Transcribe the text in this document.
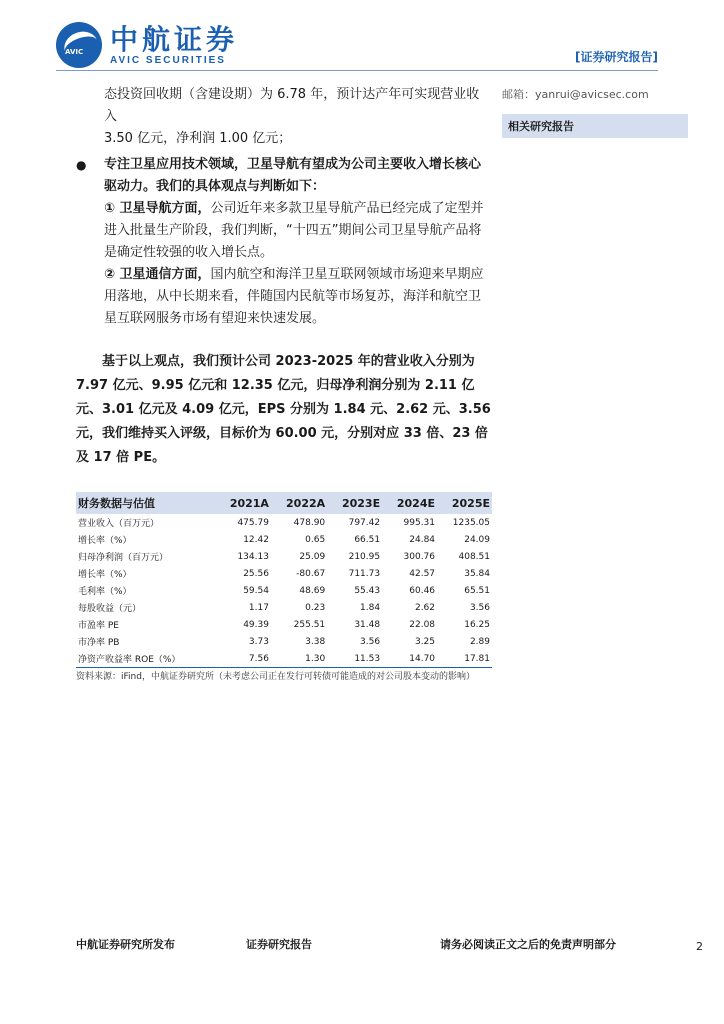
AVIC 中航证券
AVIC SECURITIES	[证券研究报告]
态投资回收期（含建设期）为 6.78 年，预计达产年可实现营业收入
3.50 亿元，净利润 1.00 亿元；
●	专注卫星应用技术领域，卫星导航有望成为公司主要收入增长核心驱动力。我们的具体观点与判断如下：
① 卫星导航方面，公司近年来多款卫星导航产品已经完成了定型并进入批量生产阶段，我们判断，“十四五”期间公司卫星导航产品将是确定性较强的收入增长点。
② 卫星通信方面，国内航空和海洋卫星互联网领域市场迎来早期应用落地，从中长期来看，伴随国内民航等市场复苏，海洋和航空卫星互联网服务市场有望迎来快速发展。
基于以上观点，我们预计公司 2023-2025 年的营业收入分别为 7.97 亿元、9.95 亿元和 12.35 亿元，归母净利润分别为 2.11 亿元、3.01 亿元及 4.09 亿元，EPS 分别为 1.84 元、2.62 元、3.56 元，我们维持买入评级，目标价为 60.00 元，分别对应 33 倍、23 倍及 17 倍 PE。
邮箱：yanrui@avicsec.com
相关研究报告
财务数据与估值	2021A	2022A	2023E	2024E	2025E
营业收入（百万元）	475.79	478.90	797.42	995.31	1235.05
增长率（%）	12.42	0.65	66.51	24.84	24.09
归母净利润（百万元）	134.13	25.09	210.95	300.76	408.51
增长率（%）	25.56	-80.67	711.73	42.57	35.84
毛利率（%）	59.54	48.69	55.43	60.46	65.51
每股收益（元）	1.17	0.23	1.84	2.62	3.56
市盈率 PE	49.39	255.51	31.48	22.08	16.25
市净率 PB	3.73	3.38	3.56	3.25	2.89
净资产收益率 ROE（%）	7.56	1.30	11.53	14.70	17.81
资料来源：iFind，中航证券研究所（未考虑公司正在发行可转债可能造成的对公司股本变动的影响）
中航证券研究所发布	证券研究报告	请务必阅读正文之后的免责声明部分	2
